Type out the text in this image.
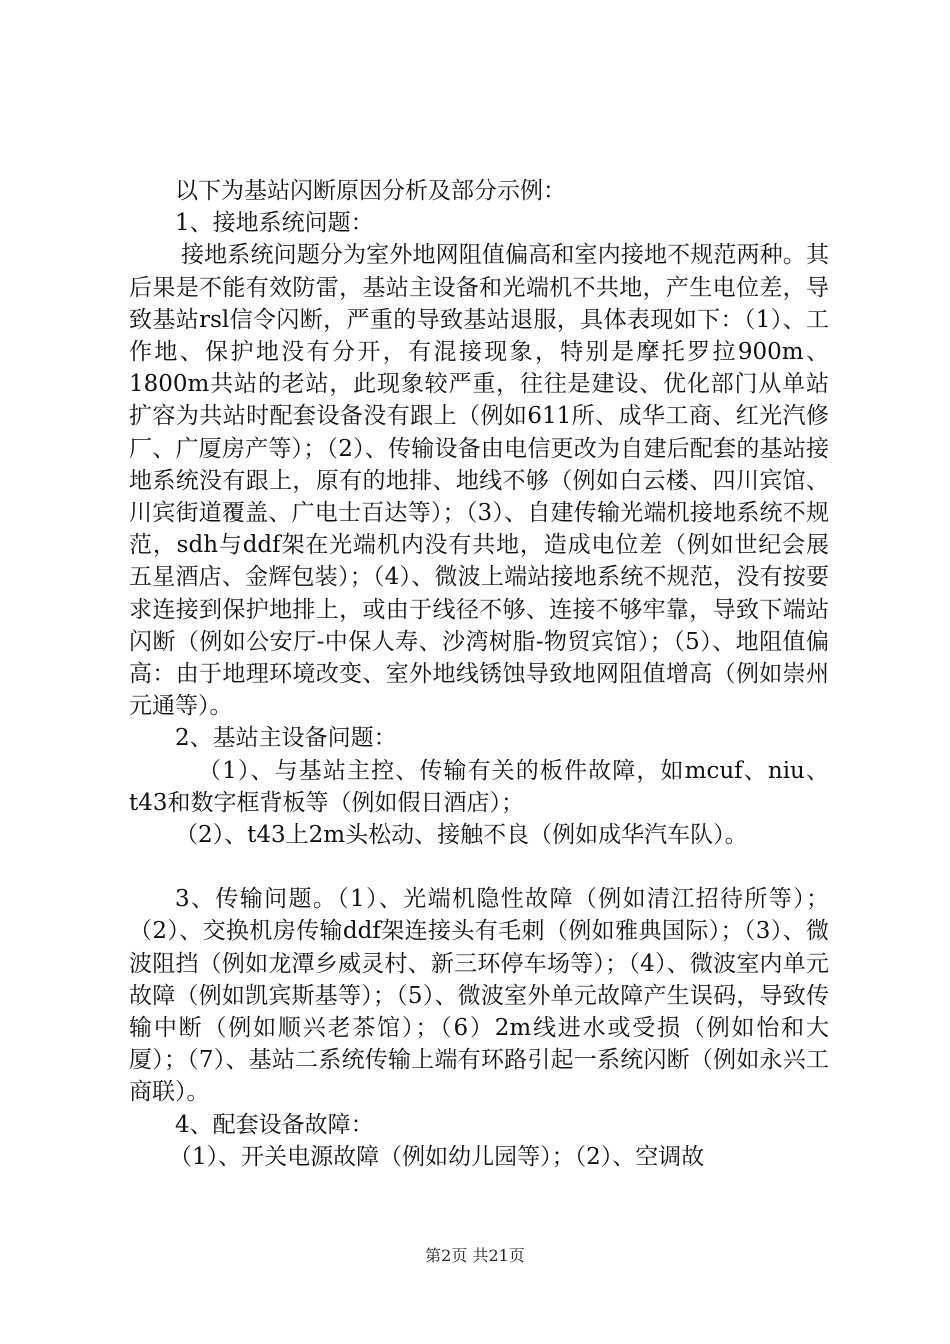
以下为基站闪断原因分析及部分示例：

1、接地系统问题：

接地系统问题分为室外地网阻值偏高和室内接地不规范两种。其后果是不能有效防雷，基站主设备和光端机不共地，产生电位差，导致基站rsl信令闪断，严重的导致基站退服，具体表现如下：（1）、工作地、保护地没有分开，有混接现象，特别是摩托罗拉900m、1800m共站的老站，此现象较严重，往往是建设、优化部门从单站扩容为共站时配套设备没有跟上（例如611所、成华工商、红光汽修厂、广厦房产等）；（2）、传输设备由电信更改为自建后配套的基站接地系统没有跟上，原有的地排、地线不够（例如白云楼、四川宾馆、川宾街道覆盖、广电士百达等）；（3）、自建传输光端机接地系统不规范，sdh与ddf架在光端机内没有共地，造成电位差（例如世纪会展五星酒店、金辉包装）；（4）、微波上端站接地系统不规范，没有按要求连接到保护地排上，或由于线径不够、连接不够牢靠，导致下端站闪断（例如公安厅-中保人寿、沙湾树脂-物贸宾馆）；（5）、地阻值偏高：由于地理环境改变、室外地线锈蚀导致地网阻值增高（例如崇州元通等）。

2、基站主设备问题：

（1）、与基站主控、传输有关的板件故障，如mcuf、niu、t43和数字框背板等（例如假日酒店）；

（2）、t43上2m头松动、接触不良（例如成华汽车队）。

3、传输问题。（1）、光端机隐性故障（例如清江招待所等）；（2）、交换机房传输ddf架连接头有毛刺（例如雅典国际）；（3）、微波阻挡（例如龙潭乡威灵村、新三环停车场等）；（4）、微波室内单元故障（例如凯宾斯基等）；（5）、微波室外单元故障产生误码，导致传输中断（例如顺兴老茶馆）；（6）2m线进水或受损（例如怡和大厦）；（7）、基站二系统传输上端有环路引起一系统闪断（例如永兴工商联）。

4、配套设备故障：

（1）、开关电源故障（例如幼儿园等）；（2）、空调故

第2页 共21页
